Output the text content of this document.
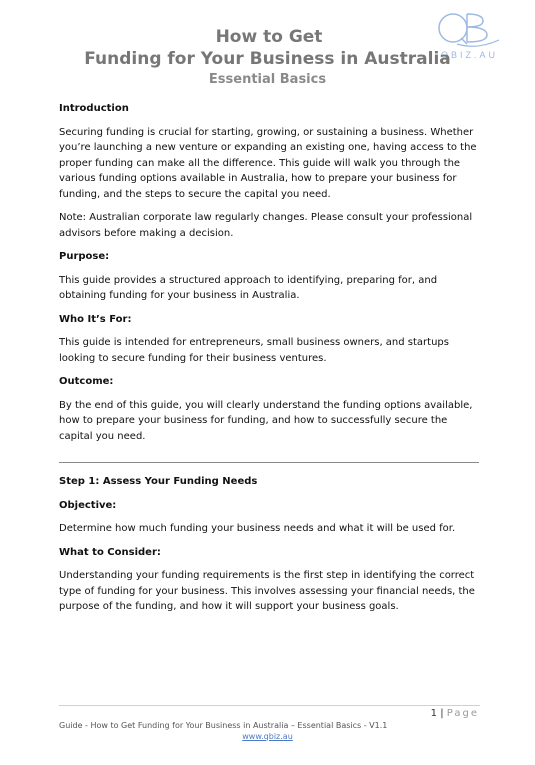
QBIZ.AU
How to Get
Funding for Your Business in Australia
Essential Basics

Introduction

Securing funding is crucial for starting, growing, or sustaining a business. Whether you’re launching a new venture or expanding an existing one, having access to the proper funding can make all the difference. This guide will walk you through the various funding options available in Australia, how to prepare your business for funding, and the steps to secure the capital you need.

Note: Australian corporate law regularly changes. Please consult your professional advisors before making a decision.

Purpose:

This guide provides a structured approach to identifying, preparing for, and obtaining funding for your business in Australia.

Who It’s For:

This guide is intended for entrepreneurs, small business owners, and startups looking to secure funding for their business ventures.

Outcome:

By the end of this guide, you will clearly understand the funding options available, how to prepare your business for funding, and how to successfully secure the capital you need.

Step 1: Assess Your Funding Needs

Objective:

Determine how much funding your business needs and what it will be used for.

What to Consider:

Understanding your funding requirements is the first step in identifying the correct type of funding for your business. This involves assessing your financial needs, the purpose of the funding, and how it will support your business goals.

1 | Page
Guide - How to Get Funding for Your Business in Australia – Essential Basics - V1.1
www.qbiz.au
